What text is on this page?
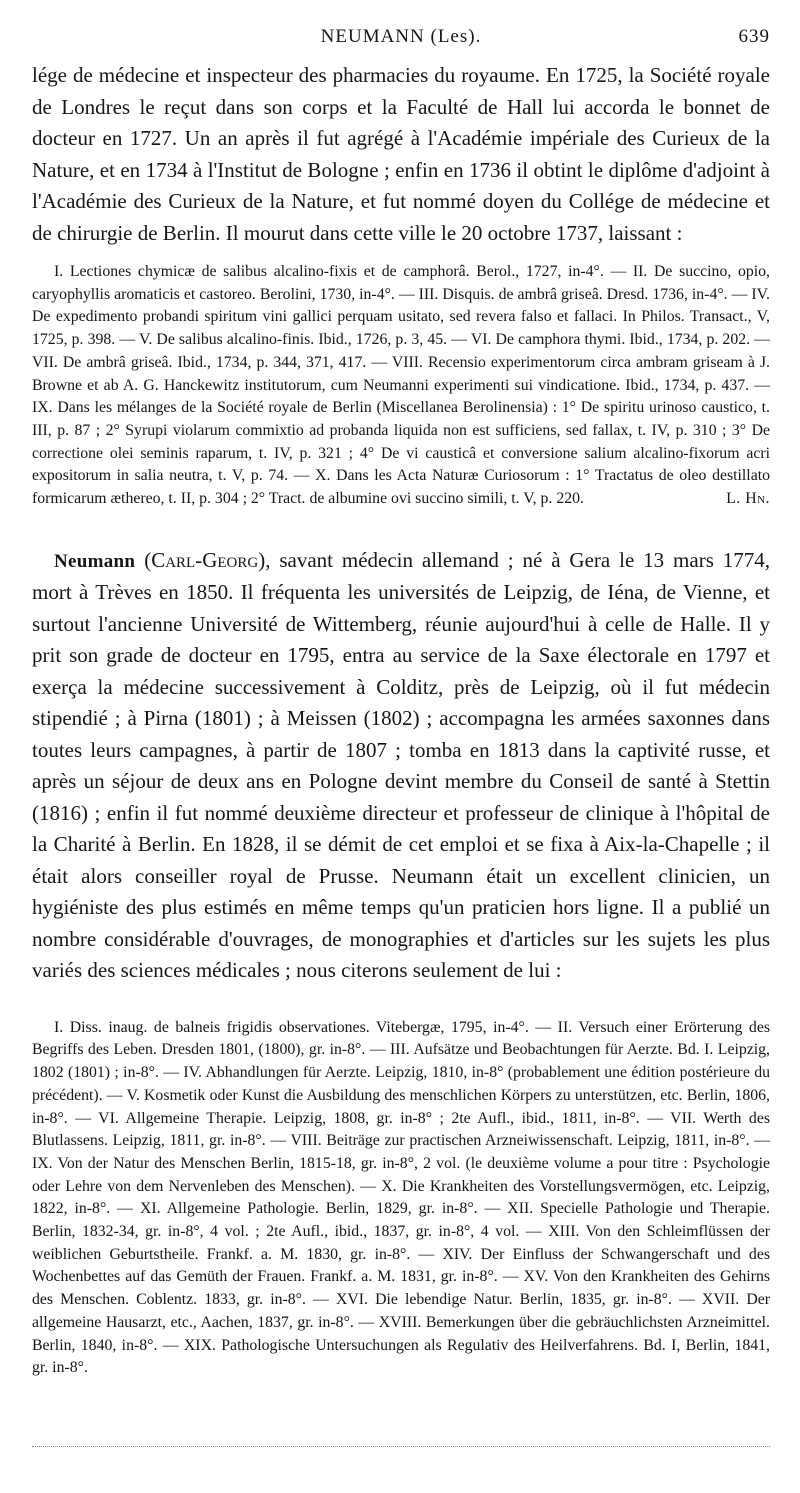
NEUMANN (Les).	639

lége de médecine et inspecteur des pharmacies du royaume. En 1725, la Société royale de Londres le reçut dans son corps et la Faculté de Hall lui accorda le bonnet de docteur en 1727. Un an après il fut agrégé à l'Académie impériale des Curieux de la Nature, et en 1734 à l'Institut de Bologne ; enfin en 1736 il obtint le diplôme d'adjoint à l'Académie des Curieux de la Nature, et fut nommé doyen du Collége de médecine et de chirurgie de Berlin. Il mourut dans cette ville le 20 octobre 1737, laissant :

I. Lectiones chymicæ de salibus alcalino-fixis et de camphorâ. Berol., 1727, in-4°. — II. De succino, opio, caryophyllis aromaticis et castoreo. Berolini, 1730, in-4°. — III. Disquis. de ambrâ griseâ. Dresd. 1736, in-4°. — IV. De expedimento probandi spiritum vini gallici perquam usitato, sed revera falso et fallaci. In Philos. Transact., V, 1725, p. 398. — V. De salibus alcalino-finis. Ibid., 1726, p. 3, 45. — VI. De camphora thymi. Ibid., 1734, p. 202. — VII. De ambrâ griseâ. Ibid., 1734, p. 344, 371, 417. — VIII. Recensio experimentorum circa ambram griseam à J. Browne et ab A. G. Hanckewitz institutorum, cum Neumanni experimenti sui vindicatione. Ibid., 1734, p. 437. — IX. Dans les mélanges de la Société royale de Berlin (Miscellanea Berolinensia) : 1° De spiritu urinoso caustico, t. III, p. 87 ; 2° Syrupi violarum commixtio ad probanda liquida non est sufficiens, sed fallax, t. IV, p. 310 ; 3° De correctione olei seminis raparum, t. IV, p. 321 ; 4° De vi causticâ et conversione salium alcalino-fixorum acri expositorum in salia neutra, t. V, p. 74. — X. Dans les Acta Naturæ Curiosorum : 1° Tractatus de oleo destillato formicarum æthereo, t. II, p. 304 ; 2° Tract. de albumine ovi succino simili, t. V, p. 220.	L. Hn.

Neumann (Carl-Georg), savant médecin allemand ; né à Gera le 13 mars 1774, mort à Trèves en 1850. Il fréquenta les universités de Leipzig, de Iéna, de Vienne, et surtout l'ancienne Université de Wittemberg, réunie aujourd'hui à celle de Halle. Il y prit son grade de docteur en 1795, entra au service de la Saxe électorale en 1797 et exerça la médecine successivement à Colditz, près de Leipzig, où il fut médecin stipendié ; à Pirna (1801) ; à Meissen (1802) ; accompagna les armées saxonnes dans toutes leurs campagnes, à partir de 1807 ; tomba en 1813 dans la captivité russe, et après un séjour de deux ans en Pologne devint membre du Conseil de santé à Stettin (1816) ; enfin il fut nommé deuxième directeur et professeur de clinique à l'hôpital de la Charité à Berlin. En 1828, il se démit de cet emploi et se fixa à Aix-la-Chapelle ; il était alors conseiller royal de Prusse. Neumann était un excellent clinicien, un hygiéniste des plus estimés en même temps qu'un praticien hors ligne. Il a publié un nombre considérable d'ouvrages, de monographies et d'articles sur les sujets les plus variés des sciences médicales ; nous citerons seulement de lui :

I. Diss. inaug. de balneis frigidis observationes. Vitebergæ, 1795, in-4°. — II. Versuch einer Erörterung des Begriffs des Leben. Dresden 1801, (1800), gr. in-8°. — III. Aufsätze und Beobachtungen für Aerzte. Bd. I. Leipzig, 1802 (1801) ; in-8°. — IV. Abhandlungen für Aerzte. Leipzig, 1810, in-8° (probablement une édition postérieure du précédent). — V. Kosmetik oder Kunst die Ausbildung des menschlichen Körpers zu unterstützen, etc. Berlin, 1806, in-8°. — VI. Allgemeine Therapie. Leipzig, 1808, gr. in-8° ; 2te Aufl., ibid., 1811, in-8°. — VII. Werth des Blutlassens. Leipzig, 1811, gr. in-8°. — VIII. Beiträge zur practischen Arzneiwissenschaft. Leipzig, 1811, in-8°. — IX. Von der Natur des Menschen Berlin, 1815-18, gr. in-8°, 2 vol. (le deuxième volume a pour titre : Psychologie oder Lehre von dem Nervenleben des Menschen). — X. Die Krankheiten des Vorstellungsvermögen, etc. Leipzig, 1822, in-8°. — XI. Allgemeine Pathologie. Berlin, 1829, gr. in-8°. — XII. Specielle Pathologie und Therapie. Berlin, 1832-34, gr. in-8°, 4 vol. ; 2te Aufl., ibid., 1837, gr. in-8°, 4 vol. — XIII. Von den Schleimflüssen der weiblichen Geburtstheile. Frankf. a. M. 1830, gr. in-8°. — XIV. Der Einfluss der Schwangerschaft und des Wochenbettes auf das Gemüth der Frauen. Frankf. a. M. 1831, gr. in-8°. — XV. Von den Krankheiten des Gehirns des Menschen. Coblentz. 1833, gr. in-8°. — XVI. Die lebendige Natur. Berlin, 1835, gr. in-8°. — XVII. Der allgemeine Hausarzt, etc., Aachen, 1837, gr. in-8°. — XVIII. Bemerkungen über die gebräuchlichsten Arzneimittel. Berlin, 1840, in-8°. — XIX. Pathologische Untersuchungen als Regulativ des Heilverfahrens. Bd. I, Berlin, 1841, gr. in-8°.
